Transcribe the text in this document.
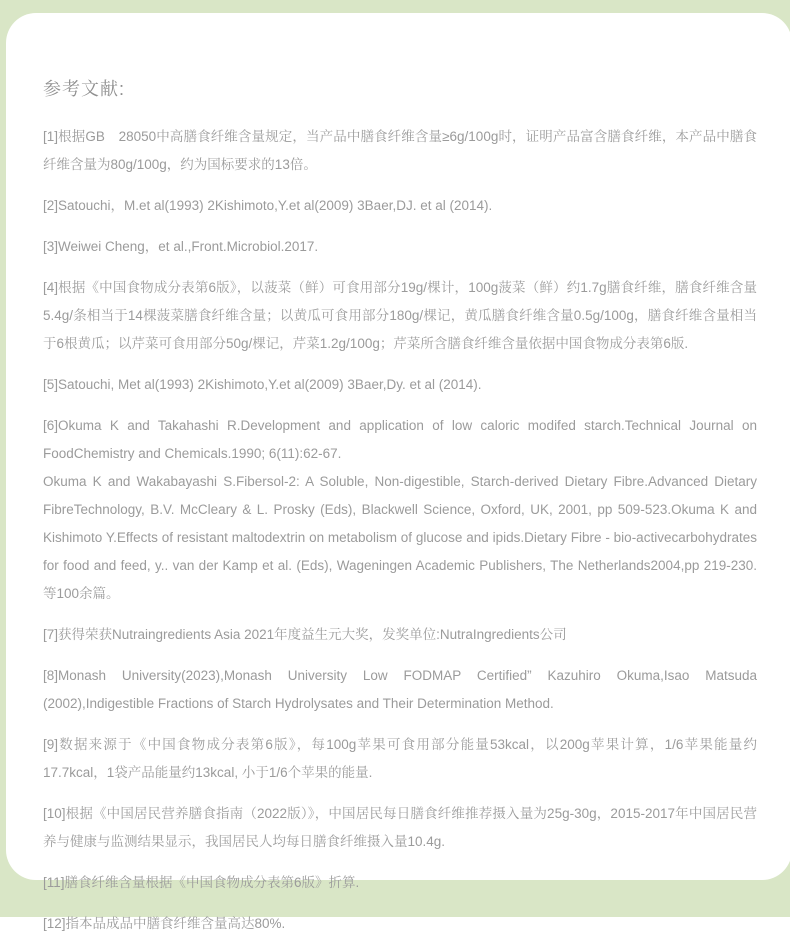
参考文献:

[1]根据GB　28050中高膳食纤维含量规定，当产品中膳食纤维含量≥6g/100g时，证明产品富含膳食纤维，本产品中膳食纤维含量为80g/100g，约为国标要求的13倍。

[2]Satouchi，M.et al(1993) 2Kishimoto,Y.et al(2009) 3Baer,DJ. et al (2014).

[3]Weiwei Cheng，et al.,Front.Microbiol.2017.

[4]根据《中国食物成分表第6版》，以菠菜（鲜）可食用部分19g/棵计，100g菠菜（鲜）约1.7g膳食纤维，膳食纤维含量5.4g/条相当于14棵菠菜膳食纤维含量；以黄瓜可食用部分180g/棵记，黄瓜膳食纤维含量0.5g/100g，膳食纤维含量相当于6根黄瓜；以芹菜可食用部分50g/棵记，芹菜1.2g/100g；芹菜所含膳食纤维含量依据中国食物成分表第6版.

[5]Satouchi, Met al(1993) 2Kishimoto,Y.et al(2009) 3Baer,Dy. et al (2014).

[6]Okuma K and Takahashi R.Development and application of low caloric modifed starch.Technical Journal on FoodChemistry and Chemicals.1990; 6(11):62-67.

Okuma K and Wakabayashi S.Fibersol-2: A Soluble, Non-digestible, Starch-derived Dietary Fibre.Advanced Dietary FibreTechnology, B.V. McCleary & L. Prosky (Eds), Blackwell Science, Oxford, UK, 2001, pp 509-523.Okuma K and Kishimoto Y.Effects of resistant maltodextrin on metabolism of glucose and ipids.Dietary Fibre - bio-activecarbohydrates for food and feed, y.. van der Kamp et al. (Eds), Wageningen Academic Publishers, The Netherlands2004,pp 219-230.等100余篇。

[7]获得荣获Nutraingredients Asia 2021年度益生元大奖，发奖单位:NutraIngredients公司

[8]Monash University(2023),Monash University Low FODMAP Certified” Kazuhiro Okuma,Isao Matsuda (2002),Indigestible Fractions of Starch Hydrolysates and Their Determination Method.

[9]数据来源于《中国食物成分表第6版》，每100g苹果可食用部分能量53kcal，以200g苹果计算，1/6苹果能量约17.7kcal，1袋产品能量约13kcal, 小于1/6个苹果的能量.

[10]根据《中国居民营养膳食指南（2022版）》，中国居民每日膳食纤维推荐摄入量为25g-30g，2015-2017年中国居民营养与健康与监测结果显示，我国居民人均每日膳食纤维摄入量10.4g.

[11]膳食纤维含量根据《中国食物成分表第6版》折算.

[12]指本品成品中膳食纤维含量高达80%.
